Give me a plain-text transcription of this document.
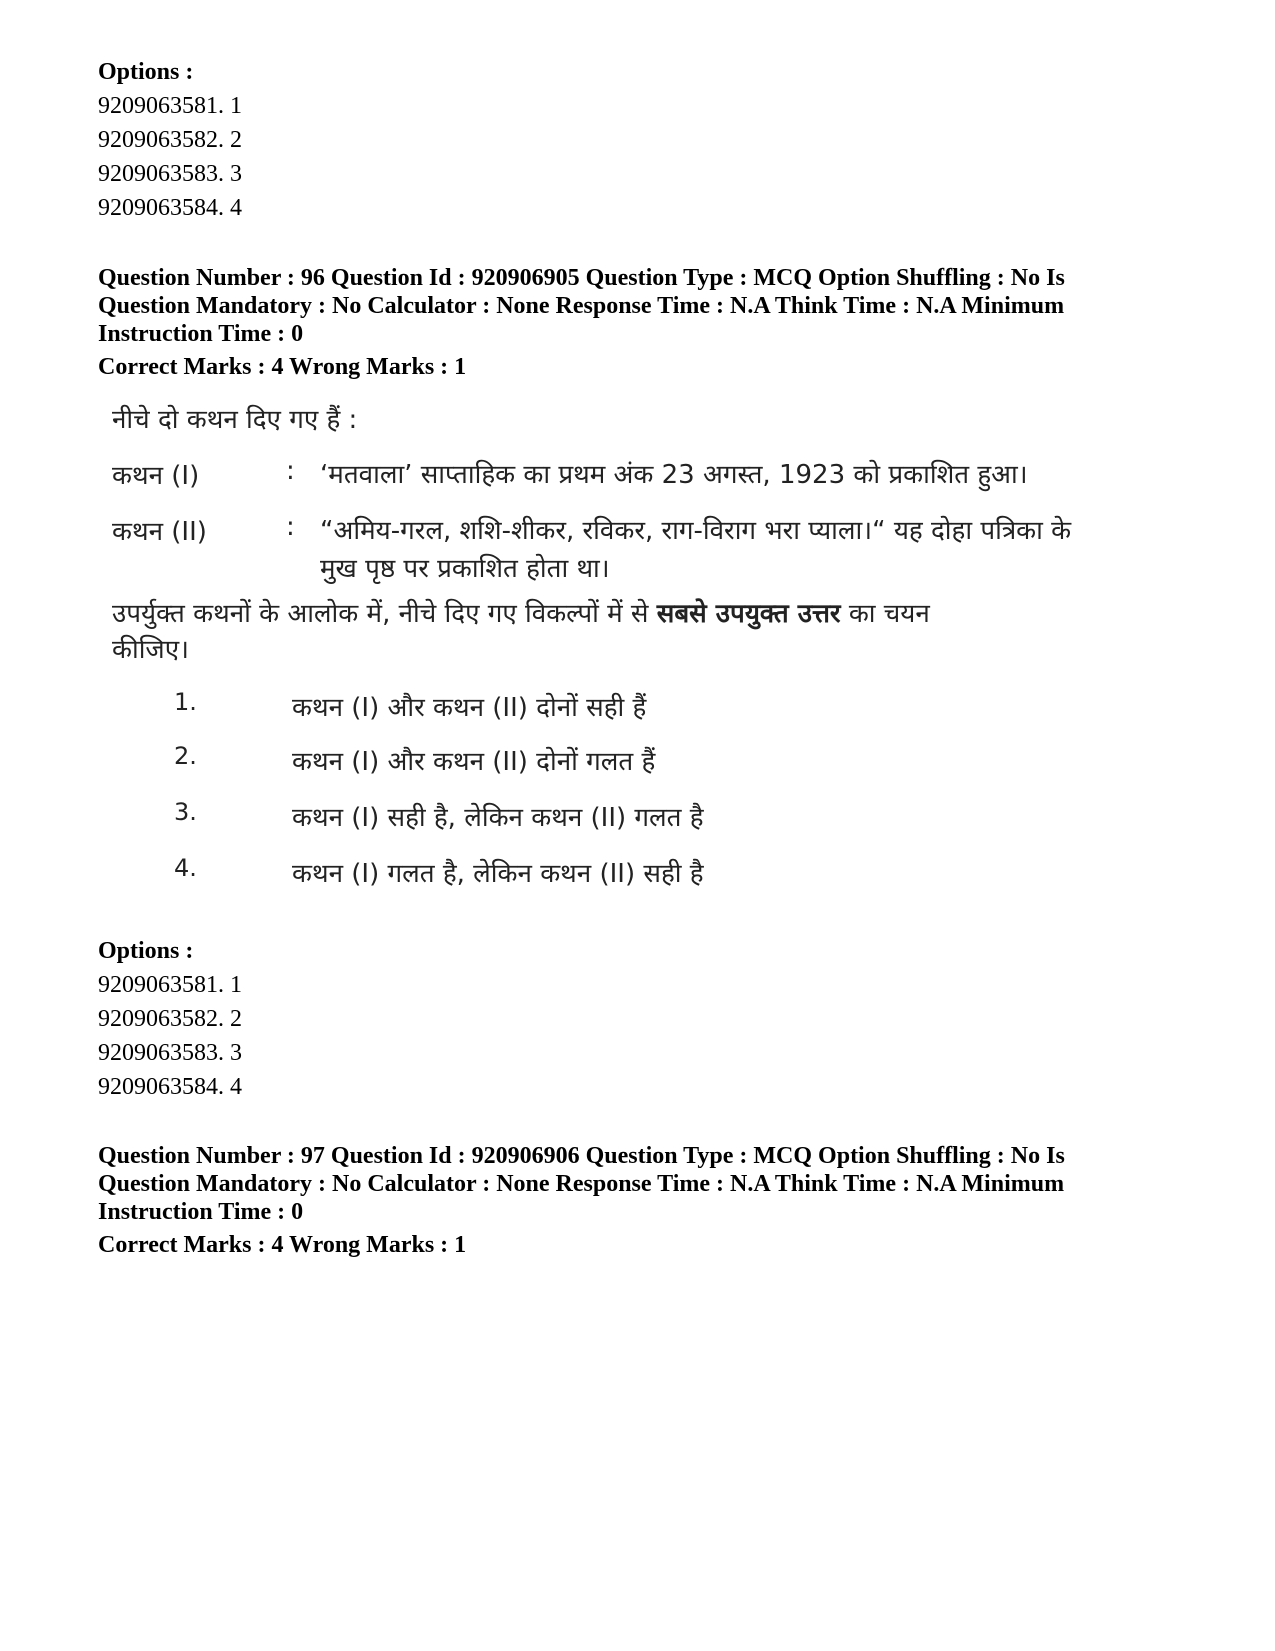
Options :
9209063581. 1
9209063582. 2
9209063583. 3
9209063584. 4
Question Number : 96 Question Id : 920906905 Question Type : MCQ Option Shuffling : No Is
Question Mandatory : No Calculator : None Response Time : N.A Think Time : N.A Minimum
Instruction Time : 0
Correct Marks : 4 Wrong Marks : 1
नीचे दो कथन दिए गए हैं :
कथन (I)	: ‘मतवाला’ साप्ताहिक का प्रथम अंक 23 अगस्त, 1923 को प्रकाशित हुआ।
कथन (II)	: “अमिय-गरल, शशि-शीकर, रविकर, राग-विराग भरा प्याला।“ यह दोहा पत्रिका के मुख पृष्ठ पर प्रकाशित होता था।
उपर्युक्त कथनों के आलोक में, नीचे दिए गए विकल्पों में से सबसे उपयुक्त उत्तर का चयन कीजिए।
1.	कथन (I) और कथन (II) दोनों सही हैं
2.	कथन (I) और कथन (II) दोनों गलत हैं
3.	कथन (I) सही है, लेकिन कथन (II) गलत है
4.	कथन (I) गलत है, लेकिन कथन (II) सही है
Options :
9209063581. 1
9209063582. 2
9209063583. 3
9209063584. 4
Question Number : 97 Question Id : 920906906 Question Type : MCQ Option Shuffling : No Is
Question Mandatory : No Calculator : None Response Time : N.A Think Time : N.A Minimum
Instruction Time : 0
Correct Marks : 4 Wrong Marks : 1
